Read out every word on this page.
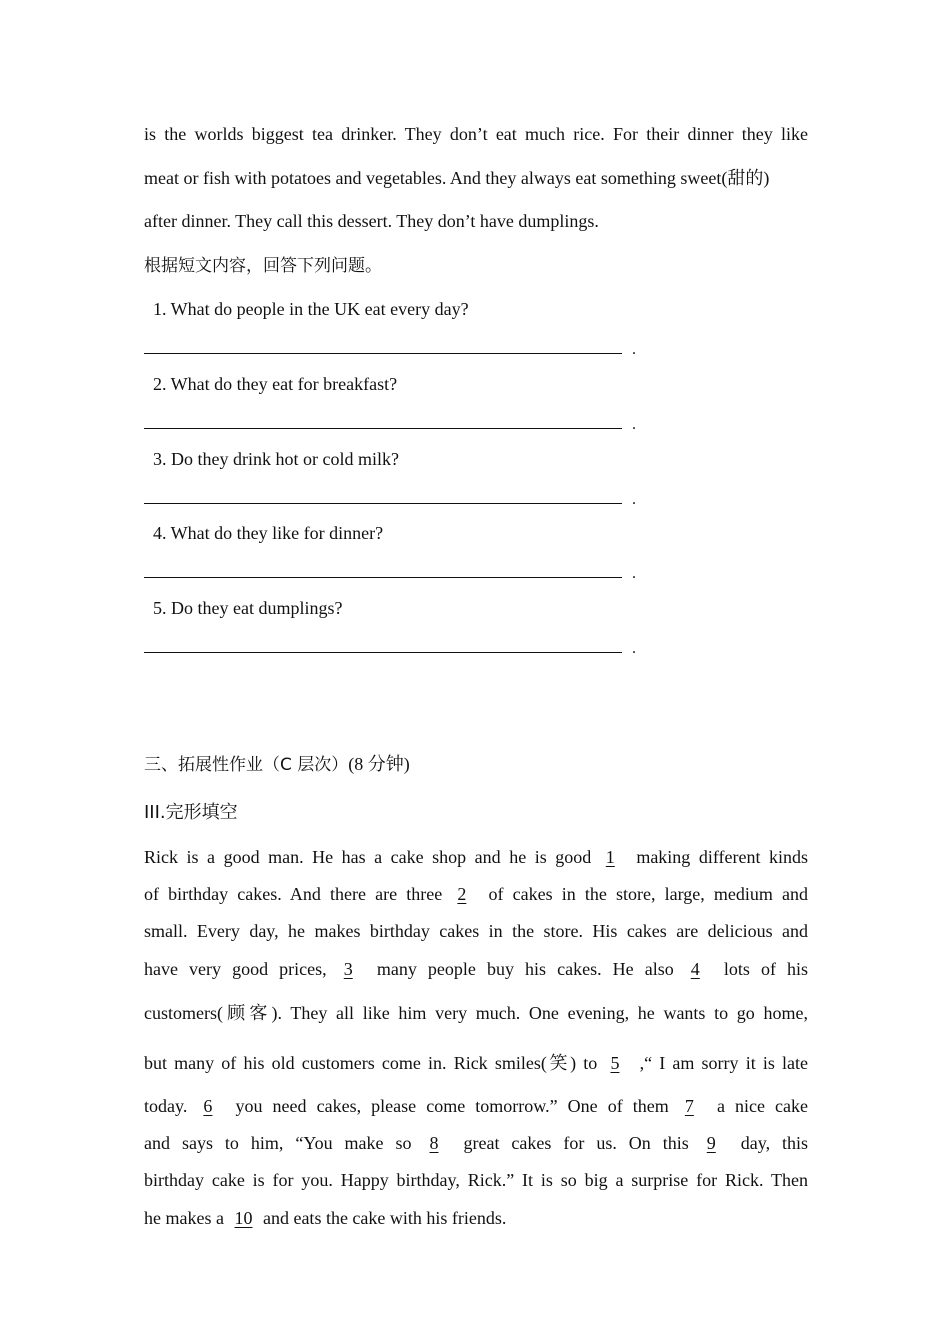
is the worlds biggest tea drinker. They don’t eat much rice. For their dinner they like
meat or fish with potatoes and vegetables. And they always eat something sweet(甜的)
after dinner. They call this dessert. They don’t have dumplings.
根据短文内容，回答下列问题。
1. What do people in the UK eat every day?
.
2. What do they eat for breakfast?
.
3. Do they drink hot or cold milk?
.
4. What do they like for dinner?
.
5. Do they eat dumplings?
.
三、拓展性作业（C 层次）(8 分钟)
III.完形填空
Rick is a good man. He has a cake shop and he is good 1 making different kinds
of birthday cakes. And there are three 2 of cakes in the store, large, medium and
small. Every day, he makes birthday cakes in the store. His cakes are delicious and
have very good prices, 3 many people buy his cakes. He also 4 lots of his
customers(顾客). They all like him very much. One evening, he wants to go home,
but many of his old customers come in. Rick smiles(笑) to 5 ,“ I am sorry it is late
today. 6 you need cakes, please come tomorrow.” One of them 7 a nice cake
and says to him, “You make so 8 great cakes for us. On this 9 day, this
birthday cake is for you. Happy birthday, Rick.” It is so big a surprise for Rick. Then
he makes a 10 and eats the cake with his friends.
